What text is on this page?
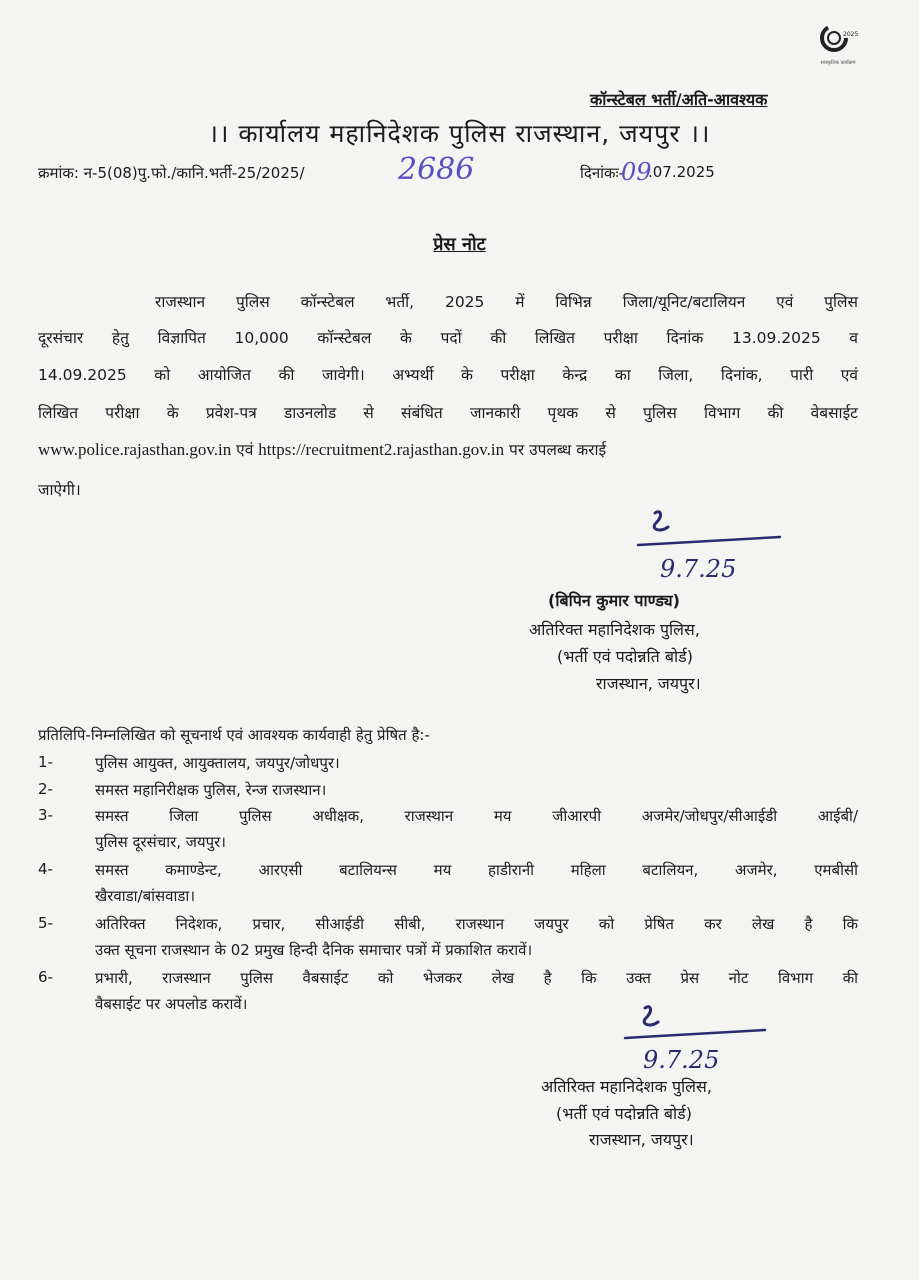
2025
सांस्कृतिक कार्यक्रम
कॉन्स्टेबल भर्ती/अति-आवश्यक
।। कार्यालय महानिदेशक पुलिस राजस्थान, जयपुर ।।
क्रमांक: न-5(08)पु.फो./कानि.भर्ती-25/2025/	2686	दिनांकः-
09
.07.2025
प्रेस नोट
राजस्थान पुलिस कॉन्स्टेबल भर्ती, 2025 में विभिन्न जिला/यूनिट/बटालियन एवं पुलिस
दूरसंचार हेतु विज्ञापित 10,000 कॉन्स्टेबल के पदों की लिखित परीक्षा दिनांक 13.09.2025 व
14.09.2025 को आयोजित की जावेगी। अभ्यर्थी के परीक्षा केन्द्र का जिला, दिनांक, पारी एवं
लिखित परीक्षा के प्रवेश-पत्र डाउनलोड से संबंधित जानकारी पृथक से पुलिस विभाग की वेबसाईट
www.police.rajasthan.gov.in एवं https://recruitment2.rajasthan.gov.in पर उपलब्ध कराई
जाऐगी।
9.7.25
(बिपिन कुमार पाण्ड्य)
अतिरिक्त महानिदेशक पुलिस,
(भर्ती एवं पदोन्नति बोर्ड)
राजस्थान, जयपुर।
प्रतिलिपि-निम्नलिखित को सूचनार्थ एवं आवश्यक कार्यवाही हेतु प्रेषित है:-
1-	पुलिस आयुक्त, आयुक्तालय, जयपुर/जोधपुर।
2-	समस्त महानिरीक्षक पुलिस, रेन्ज राजस्थान।
3-	समस्त जिला पुलिस अधीक्षक, राजस्थान मय जीआरपी अजमेर/जोधपुर/सीआईडी आईबी/
पुलिस दूरसंचार, जयपुर।
4-	समस्त कमाण्डेन्ट, आरएसी बटालियन्स मय हाडीरानी महिला बटालियन, अजमेर, एमबीसी
खैरवाडा/बांसवाडा।
5-	अतिरिक्त निदेशक, प्रचार, सीआईडी सीबी, राजस्थान जयपुर को प्रेषित कर लेख है कि
उक्त सूचना राजस्थान के 02 प्रमुख हिन्दी दैनिक समाचार पत्रों में प्रकाशित करावें।
6-	प्रभारी, राजस्थान पुलिस वैबसाईट को भेजकर लेख है कि उक्त प्रेस नोट विभाग की
वैबसाईट पर अपलोड करावें।
9.7.25
अतिरिक्त महानिदेशक पुलिस,
(भर्ती एवं पदोन्नति बोर्ड)
राजस्थान, जयपुर।
